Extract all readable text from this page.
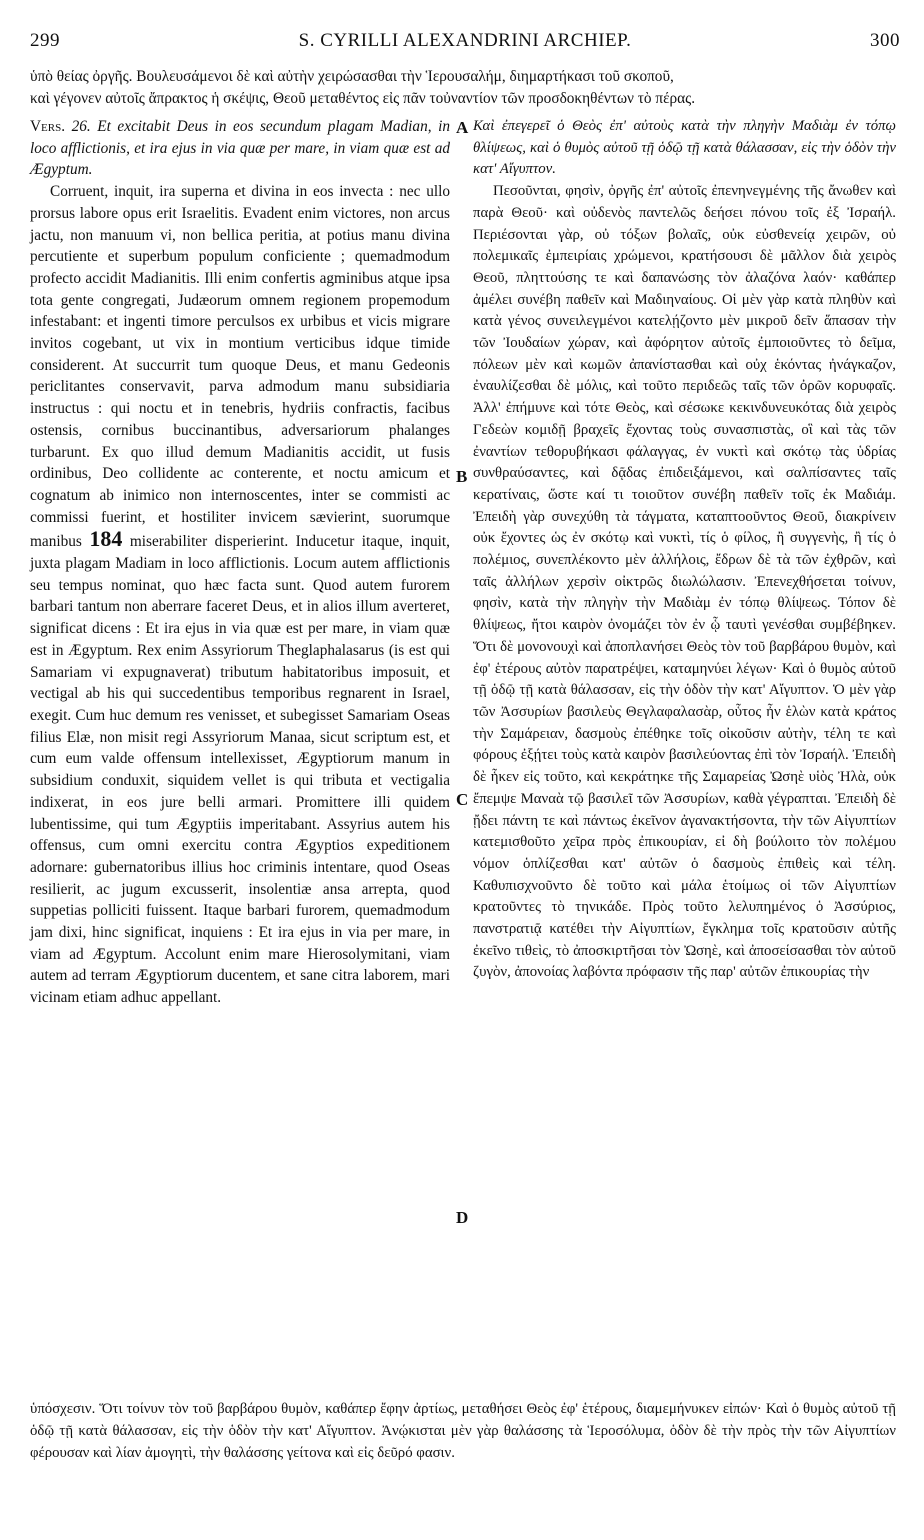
299	S. CYRILLI ALEXANDRINI ARCHIEP.	300
ὑπὸ θείας ὀργῆς. Βουλευσάμενοι δὲ καὶ αὐτὴν χειρώσασθαι τὴν Ἱερουσαλήμ, διημαρτήκασι τοῦ σκοποῦ,
καὶ γέγονεν αὐτοῖς ἄπρακτος ἡ σκέψις, Θεοῦ μεταθέντος εἰς πᾶν τοὐναντίον τῶν προσδοκηθέντων τὸ πέρας.

Vers. 26. Et excitabit Deus in eos secundum plagam Madian, in loco afflictionis, et ira ejus in via quæ per mare, in viam quæ est ad Ægyptum.

Corruent, inquit, ira superna et divina in eos invecta : nec ullo prorsus labore opus erit Israelitis. Evadent enim victores, non arcus jactu, non manuum vi, non bellica peritia, at potius manu divina percutiente et superbum populum conficiente ; quemadmodum profecto accidit Madianitis. Illi enim confertis agminibus atque ipsa tota gente congregati, Judæorum omnem regionem propemodum infestabant: et ingenti timore perculsos ex urbibus et vicis migrare invitos cogebant, ut vix in montium verticibus idque timide considerent. At succurrit tum quoque Deus, et manu Gedeonis periclitantes conservavit, parva admodum manu subsidiaria instructus : qui noctu et in tenebris, hydriis confractis, facibus ostensis, cornibus buccinantibus, adversariorum phalanges turbarunt. Ex quo illud demum Madianitis accidit, ut fusis ordinibus, Deo collidente ac conterente, et noctu amicum et cognatum ab inimico non internoscentes, inter se commisti ac commissi fuerint, et hostiliter invicem sævierint, suorumque manibus 184 miserabiliter disperierint. Inducetur itaque, inquit, juxta plagam Madiam in loco afflictionis. Locum autem afflictionis seu tempus nominat, quo hæc facta sunt. Quod autem furorem barbari tantum non aberrare faceret Deus, et in alios illum averteret, significat dicens : Et ira ejus in via quæ est per mare, in viam quæ est in Ægyptum. Rex enim Assyriorum Theglaphalasarus (is est qui Samariam vi expugnaverat) tributum habitatoribus imposuit, et vectigal ab his qui succedentibus temporibus regnarent in Israel, exegit. Cum huc demum res venisset, et subegisset Samariam Oseas filius Elæ, non misit regi Assyriorum Manaa, sicut scriptum est, et cum eum valde offensum intellexisset, Ægyptiorum manum in subsidium conduxit, siquidem vellet is qui tributa et vectigalia indixerat, in eos jure belli armari. Promittere illi quidem lubentissime, qui tum Ægyptiis imperitabant. Assyrius autem his offensus, cum omni exercitu contra Ægyptios expeditionem adornare: gubernatoribus illius hoc criminis intentare, quod Oseas resilierit, ac jugum excusserit, insolentiæ ansa arrepta, quod suppetias polliciti fuissent. Itaque barbari furorem, quemadmodum jam dixi, hinc significat, inquiens : Et ira ejus in via per mare, in viam ad Ægyptum. Accolunt enim mare Hierosolymitani, viam autem ad terram Ægyptiorum ducentem, et sane citra laborem, mari vicinam etiam adhuc appellant.

A
B
C
D

Καὶ ἐπεγερεῖ ὁ Θεὸς ἐπ' αὐτοὺς κατὰ τὴν πληγὴν Μαδιὰμ ἐν τόπῳ θλίψεως, καὶ ὁ θυμὸς αὐτοῦ τῇ ὁδῷ τῇ κατὰ θάλασσαν, εἰς τὴν ὁδὸν τὴν κατ' Αἴγυπτον.

Πεσοῦνται, φησὶν, ὀργῆς ἐπ' αὐτοῖς ἐπενηνεγμένης τῆς ἄνωθεν καὶ παρὰ Θεοῦ· καὶ οὐδενὸς παντελῶς δεήσει πόνου τοῖς ἐξ Ἰσραήλ. Περιέσονται γὰρ, οὐ τόξων βολαῖς, οὐκ εὐσθενείᾳ χειρῶν, οὐ πολεμικαῖς ἐμπειρίαις χρώμενοι, κρατήσουσι δὲ μᾶλλον διὰ χειρὸς Θεοῦ, πληττούσης τε καὶ δαπανώσης τὸν ἀλαζόνα λαόν· καθάπερ ἀμέλει συνέβη παθεῖν καὶ Μαδιηναίους. Οἱ μὲν γὰρ κατὰ πληθὺν καὶ κατὰ γένος συνειλεγμένοι κατελῄζοντο μὲν μικροῦ δεῖν ἅπασαν τὴν τῶν Ἰουδαίων χώραν, καὶ ἀφόρητον αὐτοῖς ἐμποιοῦντες τὸ δεῖμα, πόλεων μὲν καὶ κωμῶν ἀπανίστασθαι καὶ οὐχ ἑκόντας ἠνάγκαζον, ἐναυλίζεσθαι δὲ μόλις, καὶ τοῦτο περιδεῶς ταῖς τῶν ὀρῶν κορυφαῖς. Ἀλλ' ἐπήμυνε καὶ τότε Θεὸς, καὶ σέσωκε κεκινδυνευκότας διὰ χειρὸς Γεδεὼν κομιδῇ βραχεῖς ἔχοντας τοὺς συνασπιστὰς, οἳ καὶ τὰς τῶν ἐναντίων τεθορυβήκασι φάλαγγας, ἐν νυκτὶ καὶ σκότῳ τὰς ὑδρίας συνθραύσαντες, καὶ δᾷδας ἐπιδειξάμενοι, καὶ σαλπίσαντες ταῖς κερατίναις, ὥστε καί τι τοιοῦτον συνέβη παθεῖν τοῖς ἐκ Μαδιάμ. Ἐπειδὴ γὰρ συνεχύθη τὰ τάγματα, καταπτοοῦντος Θεοῦ, διακρίνειν οὐκ ἔχοντες ὡς ἐν σκότῳ καὶ νυκτὶ, τίς ὁ φίλος, ἢ συγγενὴς, ἢ τίς ὁ πολέμιος, συνεπλέκοντο μὲν ἀλλήλοις, ἔδρων δὲ τὰ τῶν ἐχθρῶν, καὶ ταῖς ἀλλήλων χερσὶν οἰκτρῶς διωλώλασιν. Ἐπενεχθήσεται τοίνυν, φησὶν, κατὰ τὴν πληγὴν τὴν Μαδιὰμ ἐν τόπῳ θλίψεως. Τόπον δὲ θλίψεως, ἤτοι καιρὸν ὀνομάζει τὸν ἐν ᾧ ταυτὶ γενέσθαι συμβέβηκεν. Ὅτι δὲ μονονουχὶ καὶ ἀποπλανήσει Θεὸς τὸν τοῦ βαρβάρου θυμὸν, καὶ ἐφ' ἑτέρους αὐτὸν παρατρέψει, καταμηνύει λέγων· Καὶ ὁ θυμὸς αὐτοῦ τῇ ὁδῷ τῇ κατὰ θάλασσαν, εἰς τὴν ὁδὸν τὴν κατ' Αἴγυπτον. Ὁ μὲν γὰρ τῶν Ἀσσυρίων βασιλεὺς Θεγλαφαλασὰρ, οὗτος ἦν ἑλὼν κατὰ κράτος τὴν Σαμάρειαν, δασμοὺς ἐπέθηκε τοῖς οἰκοῦσιν αὐτὴν, τέλη τε καὶ φόρους ἐξῄτει τοὺς κατὰ καιρὸν βασιλεύοντας ἐπὶ τὸν Ἰσραήλ. Ἐπειδὴ δὲ ἧκεν εἰς τοῦτο, καὶ κεκράτηκε τῆς Σαμαρείας Ὠσηὲ υἱὸς Ἠλὰ, οὐκ ἔπεμψε Μαναὰ τῷ βασιλεῖ τῶν Ἀσσυρίων, καθὰ γέγραπται. Ἐπειδὴ δὲ ᾔδει πάντη τε καὶ πάντως ἐκεῖνον ἀγανακτήσοντα, τὴν τῶν Αἰγυπτίων κατεμισθοῦτο χεῖρα πρὸς ἐπικουρίαν, εἰ δὴ βούλοιτο τὸν πολέμου νόμον ὁπλίζεσθαι κατ' αὐτῶν ὁ δασμοὺς ἐπιθεὶς καὶ τέλη. Καθυπισχνοῦντο δὲ τοῦτο καὶ μάλα ἑτοίμως οἱ τῶν Αἰγυπτίων κρατοῦντες τὸ τηνικάδε. Πρὸς τοῦτο λελυπημένος ὁ Ἀσσύριος, πανστρατιᾷ κατέθει τὴν Αἰγυπτίων, ἔγκλημα τοῖς κρατοῦσιν αὐτῆς ἐκεῖνο τιθεὶς, τὸ ἀποσκιρτῆσαι τὸν Ὠσηὲ, καὶ ἀποσείσασθαι τὸν αὐτοῦ ζυγὸν, ἀπονοίας λαβόντα πρόφασιν τῆς παρ' αὐτῶν ἐπικουρίας τὴν

ὑπόσχεσιν. Ὅτι τοίνυν τὸν τοῦ βαρβάρου θυμὸν, καθάπερ ἔφην ἀρτίως, μεταθήσει Θεὸς ἐφ' ἑτέρους, διαμεμήνυκεν εἰπών· Καὶ ὁ θυμὸς αὐτοῦ τῇ ὁδῷ τῇ κατὰ θάλασσαν, εἰς τὴν ὁδὸν τὴν κατ' Αἴγυπτον. Ἀνῴκισται μὲν γὰρ θαλάσσης τὰ Ἱεροσόλυμα, ὁδὸν δὲ τὴν πρὸς τὴν τῶν Αἰγυπτίων φέρουσαν καὶ λίαν ἀμογητὶ, τὴν θαλάσσης γείτονα καὶ εἰς δεῦρό φασιν.
